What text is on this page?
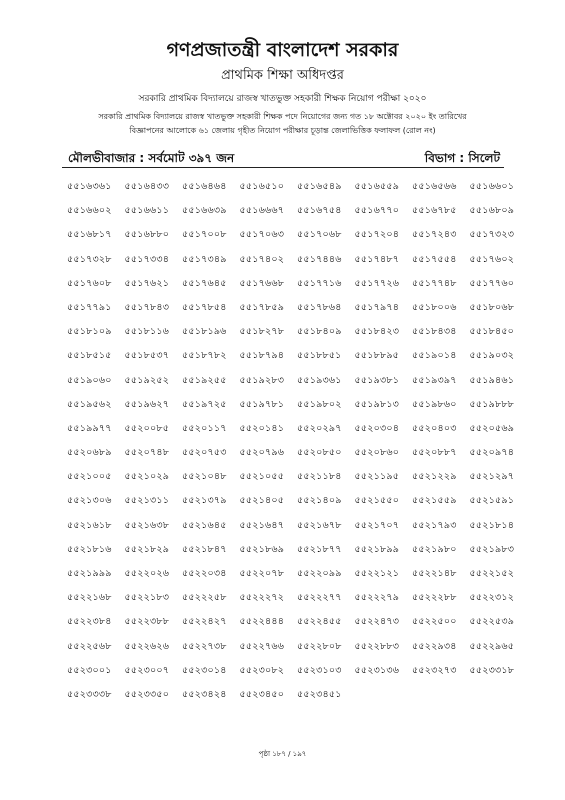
গণপ্রজাতন্ত্রী বাংলাদেশ সরকার
প্রাথমিক শিক্ষা অধিদপ্তর
সরকারি প্রাথমিক বিদ্যালয়ে রাজস্ব খাতভুক্ত সহকারী শিক্ষক নিয়োগ পরীক্ষা ২০২০
সরকারি প্রাথমিক বিদ্যালয়ে রাজস্ব খাতভুক্ত সহকারী শিক্ষক পদে নিয়োগের জন্য গত ১৮ অক্টোবর ২০২০ ইং তারিখের
বিজ্ঞাপনের আলোকে ৬১ জেলায় গৃহীত নিয়োগ পরীক্ষার চূড়ান্ত জেলাভিত্তিক ফলাফল (রোল নং)
মৌলভীবাজার : সর্বমোট ৩৯৭ জন	বিভাগ : সিলেট
৫৫১৬৩৬১	৫৫১৬৪৩৩	৫৫১৬৪৬৪	৫৫১৬৫১০	৫৫১৬৫৪৯	৫৫১৬৫৫৯	৫৫১৬৫৬৬	৫৫১৬৬০১
৫৫১৬৬০২	৫৫১৬৬১১	৫৫১৬৬৩৯	৫৫১৬৬৬৭	৫৫১৬৭৫৪	৫৫১৬৭৭০	৫৫১৬৭৮৫	৫৫১৬৮০৯
৫৫১৬৮১৭	৫৫১৬৮৮০	৫৫১৭০০৮	৫৫১৭০৬৩	৫৫১৭০৬৮	৫৫১৭২০৪	৫৫১৭২৪৩	৫৫১৭৩২৩
৫৫১৭৩২৮	৫৫১৭৩৩৪	৫৫১৭৩৪৯	৫৫১৭৪০২	৫৫১৭৪৪৬	৫৫১৭৪৮৭	৫৫১৭৫৫৪	৫৫১৭৬০২
৫৫১৭৬০৮	৫৫১৭৬২১	৫৫১৭৬৪৫	৫৫১৭৬৬৮	৫৫১৭৭১৬	৫৫১৭৭২৬	৫৫১৭৭৪৮	৫৫১৭৭৬০
৫৫১৭৭৯১	৫৫১৭৮৪৩	৫৫১৭৮৫৪	৫৫১৭৮৫৯	৫৫১৭৮৬৪	৫৫১৭৯৭৪	৫৫১৮০০৬	৫৫১৮০৬৮
৫৫১৮১০৯	৫৫১৮১১৬	৫৫১৮১৯৬	৫৫১৮২৭৮	৫৫১৮৪০৯	৫৫১৮৪২৩	৫৫১৮৪৩৪	৫৫১৮৪৫০
৫৫১৮৫১৫	৫৫১৮৫৩৭	৫৫১৮৭৮২	৫৫১৮৭৯৪	৫৫১৮৮৫১	৫৫১৮৮৯৫	৫৫১৯০১৪	৫৫১৯০৩২
৫৫১৯০৬০	৫৫১৯২৫২	৫৫১৯২৫৫	৫৫১৯২৮৩	৫৫১৯৩৬১	৫৫১৯৩৮১	৫৫১৯৩৯৭	৫৫১৯৪৬১
৫৫১৯৫৬২	৫৫১৯৬২৭	৫৫১৯৭২৫	৫৫১৯৭৮১	৫৫১৯৮০২	৫৫১৯৮১৩	৫৫১৯৮৬০	৫৫১৯৮৮৮
৫৫১৯৯৭৭	৫৫২০০৮৫	৫৫২০১১৭	৫৫২০১৪১	৫৫২০২৯৭	৫৫২০৩০৪	৫৫২০৪০৩	৫৫২০৫৬৯
৫৫২০৬৮৯	৫৫২০৭৪৮	৫৫২০৭৫৩	৫৫২০৭৯৬	৫৫২০৮৫০	৫৫২০৮৬০	৫৫২০৮৮৭	৫৫২০৯৭৪
৫৫২১০০৫	৫৫২১০২৯	৫৫২১০৪৮	৫৫২১০৫৫	৫৫২১১৮৪	৫৫২১১৯৫	৫৫২১২২৯	৫৫২১২৯৭
৫৫২১৩০৬	৫৫২১৩১১	৫৫২১৩৭৯	৫৫২১৪০৫	৫৫২১৪০৯	৫৫২১৫৫০	৫৫২১৫৫৯	৫৫২১৫৯১
৫৫২১৬১৮	৫৫২১৬৩৮	৫৫২১৬৪৫	৫৫২১৬৪৭	৫৫২১৬৭৮	৫৫২১৭০৭	৫৫২১৭৯৩	৫৫২১৮১৪
৫৫২১৮১৬	৫৫২১৮২৯	৫৫২১৮৪৭	৫৫২১৮৬৯	৫৫২১৮৭৭	৫৫২১৮৯৯	৫৫২১৯৮০	৫৫২১৯৮৩
৫৫২১৯৯৯	৫৫২২০২৬	৫৫২২০৩৪	৫৫২২০৭৮	৫৫২২০৯৯	৫৫২২১২১	৫৫২২১৪৮	৫৫২২১৫২
৫৫২২১৬৮	৫৫২২১৮৩	৫৫২২২৫৮	৫৫২২২৭২	৫৫২২২৭৭	৫৫২২২৭৯	৫৫২২২৮৮	৫৫২২৩১২
৫৫২২৩৮৪	৫৫২২৩৮৮	৫৫২২৪২৭	৫৫২২৪৪৪	৫৫২২৪৫৫	৫৫২২৪৭৩	৫৫২২৫০০	৫৫২২৫৩৯
৫৫২২৫৬৮	৫৫২২৬২৬	৫৫২২৭৩৮	৫৫২২৭৬৬	৫৫২২৮০৮	৫৫২২৮৮৩	৫৫২২৯৩৪	৫৫২২৯৬৫
৫৫২৩০০১	৫৫২৩০০৭	৫৫২৩০১৪	৫৫২৩০৮২	৫৫২৩১০৩	৫৫২৩১৩৬	৫৫২৩২৭৩	৫৫২৩৩১৮
৫৫২৩৩৩৮	৫৫২৩৩৫০	৫৫২৩৪২৪	৫৫২৩৪৫০	৫৫২৩৪৫১
পৃষ্ঠা ১৮৭ / ১৯৭
